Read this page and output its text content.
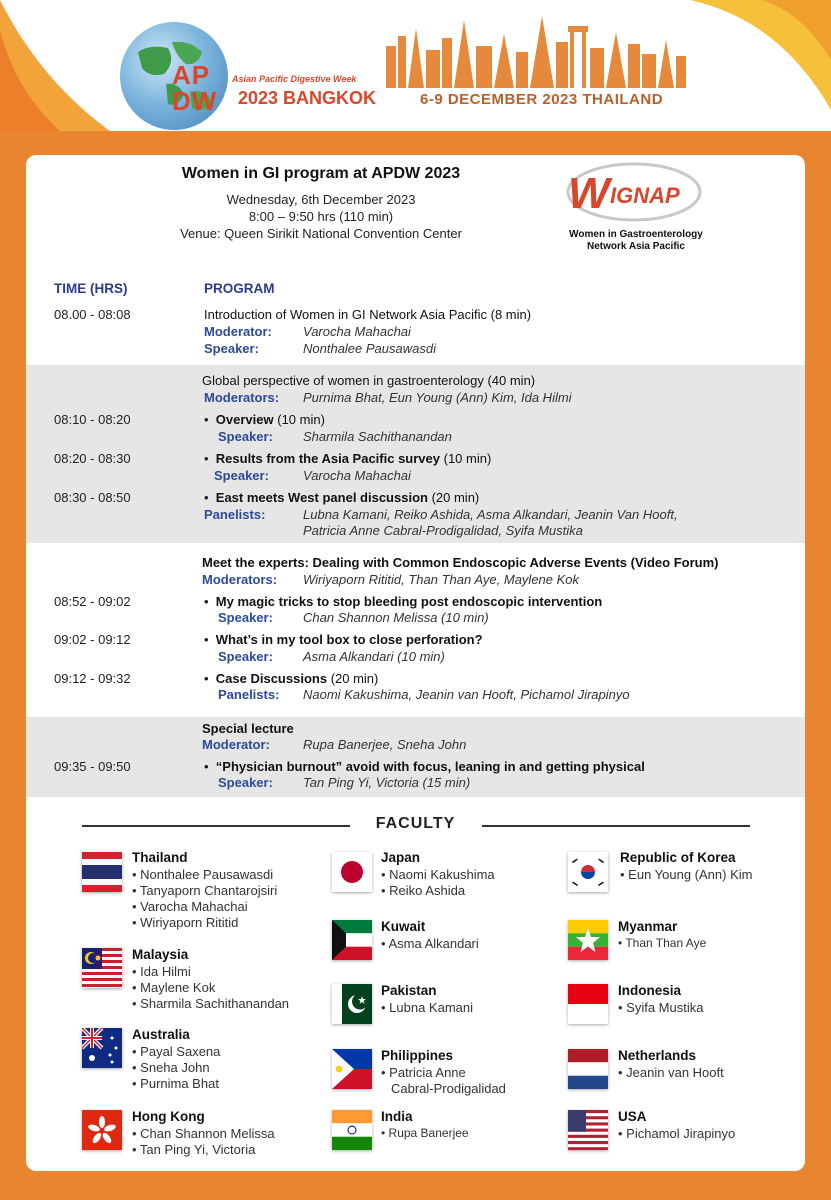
AP
DW
Asian Pacific Digestive Week
2023 BANGKOK	6-9 DECEMBER 2023 THAILAND
Women in GI program at APDW 2023
Wednesday, 6th December 2023
8:00 – 9:50 hrs (110 min)
Venue: Queen Sirikit National Convention Center
W IGNAP
Women in Gastroenterology
Network Asia Pacific
TIME (HRS)	PROGRAM
08.00 - 08:08	Introduction of Women in GI Network Asia Pacific (8 min)
Moderator: Varocha Mahachai
Speaker:	Nonthalee Pausawasdi
Global perspective of women in gastroenterology (40 min)
Moderators: Purnima Bhat, Eun Young (Ann) Kim, Ida Hilmi
08:10 - 08:20	•  Overview (10 min)
Speaker: Sharmila Sachithanandan
08:20 - 08:30	•  Results from the Asia Pacific survey (10 min)
Speaker:	Varocha Mahachai
08:30 - 08:50	•  East meets West panel discussion (20 min)
Panelists:	Lubna Kamani, Reiko Ashida, Asma Alkandari, Jeanin Van Hooft,
Patricia Anne Cabral-Prodigalidad, Syifa Mustika
Meet the experts: Dealing with Common Endoscopic Adverse Events (Video Forum)
Moderators: Wiriyaporn Rititid, Than Than Aye, Maylene Kok
08:52 - 09:02	•  My magic tricks to stop bleeding post endoscopic intervention
Speaker: Chan Shannon Melissa (10 min)
09:02 - 09:12	•  What’s in my tool box to close perforation?
Speaker: Asma Alkandari (10 min)
09:12 - 09:32	•  Case Discussions (20 min)
Panelists: Naomi Kakushima, Jeanin van Hooft, Pichamol Jirapinyo
Special lecture
Moderator:	Rupa Banerjee, Sneha John
09:35 - 09:50	•  “Physician burnout” avoid with focus, leaning in and getting physical
Speaker: Tan Ping Yi, Victoria (15 min)
FACULTY
Thailand
• Nonthalee Pausawasdi
• Tanyaporn Chantarojsiri
• Varocha Mahachai
• Wiriyaporn Rititid
Malaysia
• Ida Hilmi
• Maylene Kok
• Sharmila Sachithanandan
Australia
• Payal Saxena
• Sneha John
• Purnima Bhat
Hong Kong
• Chan Shannon Melissa
• Tan Ping Yi, Victoria
Japan
• Naomi Kakushima
• Reiko Ashida
Kuwait
• Asma Alkandari
Pakistan
• Lubna Kamani
Philippines
• Patricia Anne
Cabral-Prodigalidad
India
• Rupa Banerjee
Republic of Korea
• Eun Young (Ann) Kim
Myanmar
• Than Than Aye
Indonesia
• Syifa Mustika
Netherlands
• Jeanin van Hooft
USA
• Pichamol Jirapinyo
